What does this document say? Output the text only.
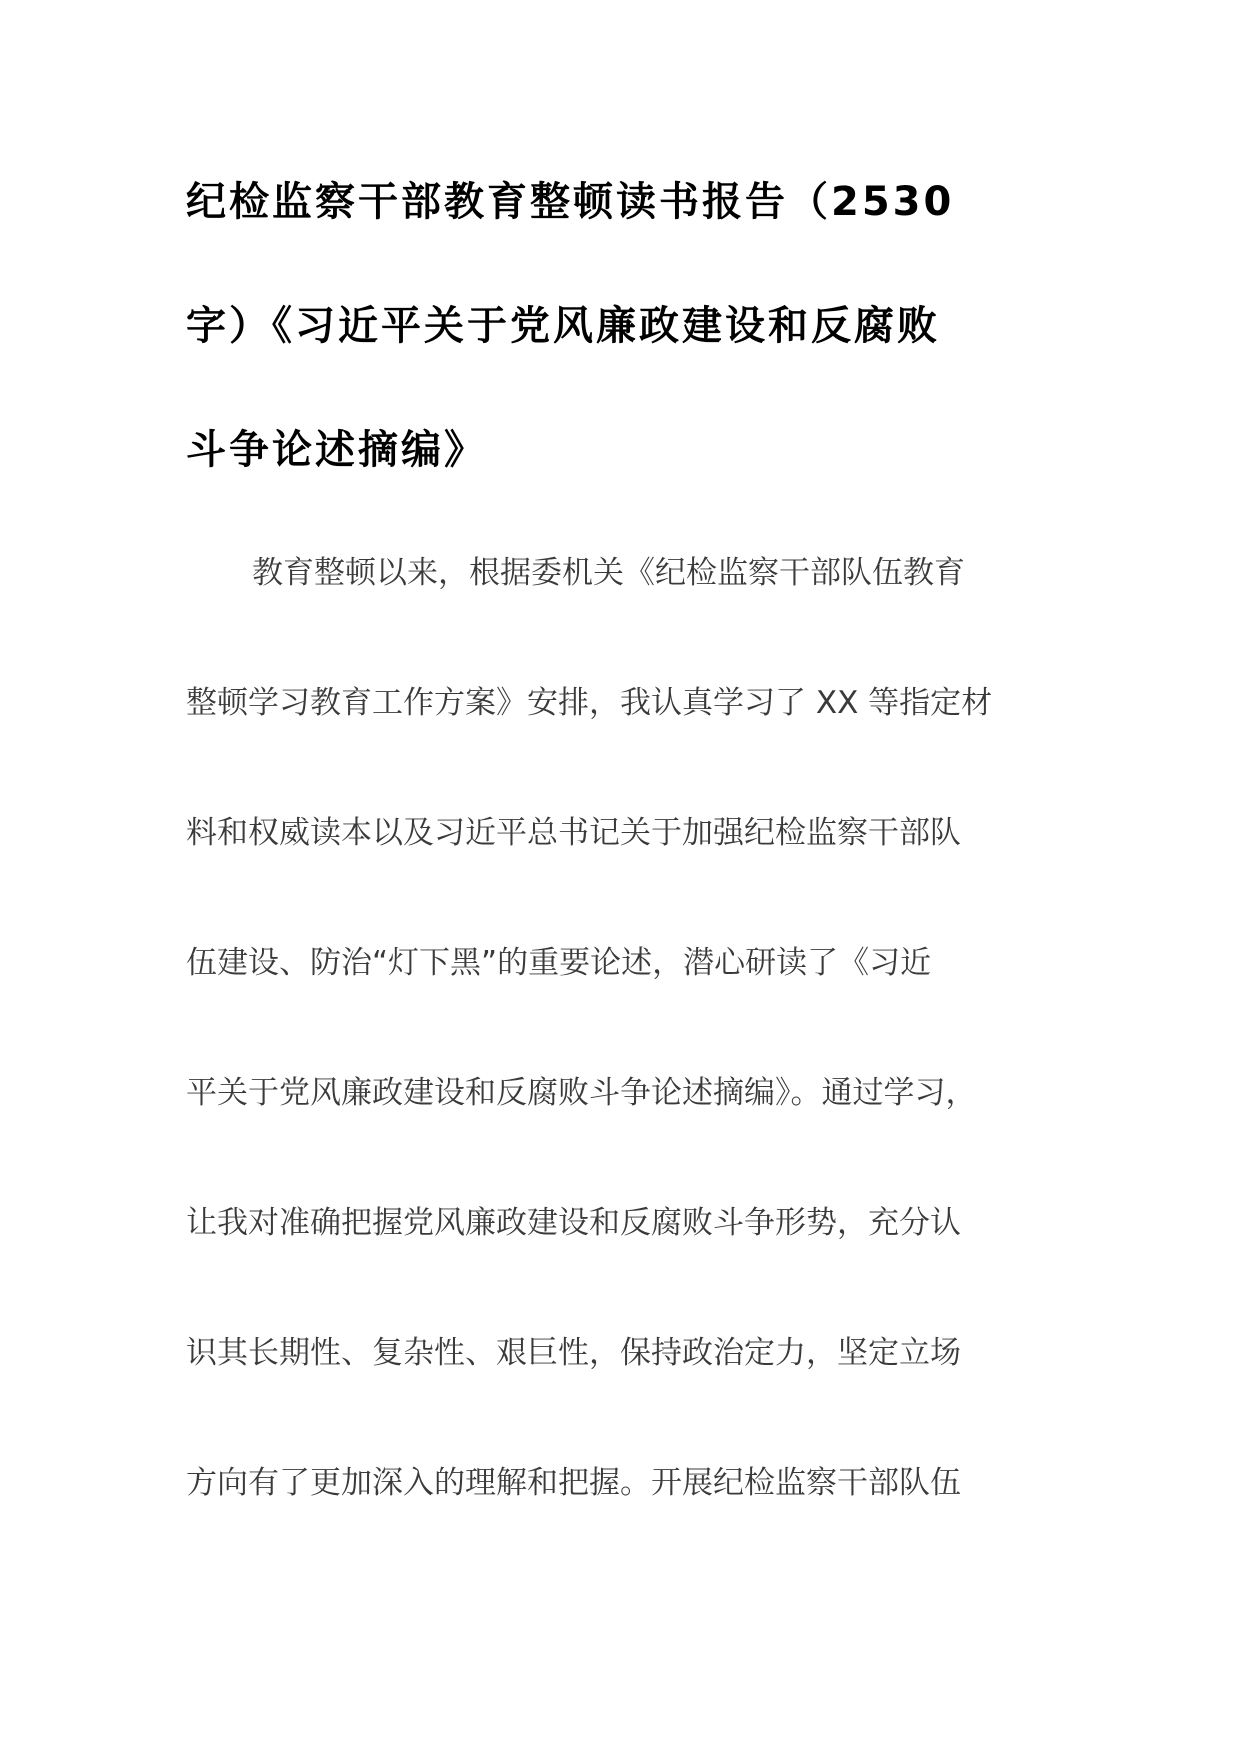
纪检监察干部教育整顿读书报告（2530
字）《习近平关于党风廉政建设和反腐败
斗争论述摘编》
教育整顿以来，根据委机关《纪检监察干部队伍教育
整顿学习教育工作方案》安排，我认真学习了 XX 等指定材
料和权威读本以及习近平总书记关于加强纪检监察干部队
伍建设、防治“灯下黑”的重要论述，潜心研读了《习近
平关于党风廉政建设和反腐败斗争论述摘编》。通过学习，
让我对准确把握党风廉政建设和反腐败斗争形势，充分认
识其长期性、复杂性、艰巨性，保持政治定力，坚定立场
方向有了更加深入的理解和把握。开展纪检监察干部队伍
